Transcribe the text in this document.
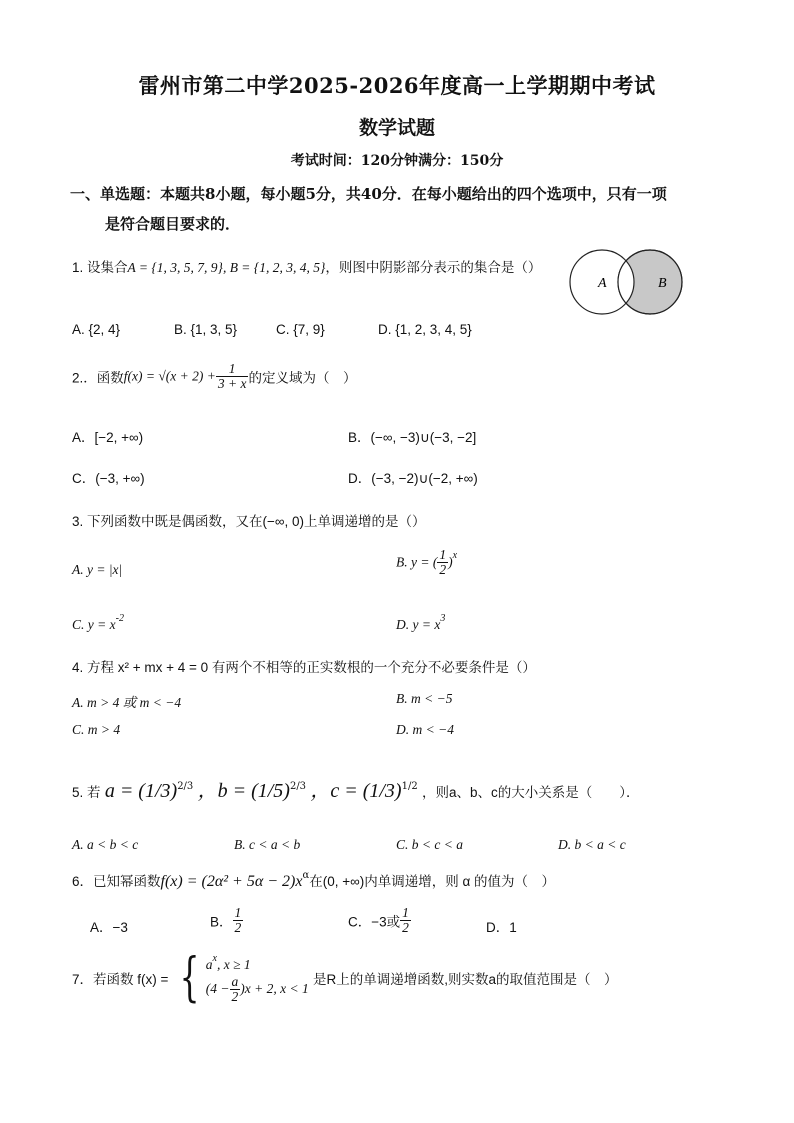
雷州市第二中学2025-2026年度高一上学期期中考试
数学试题
考试时间：120分钟满分：150分
一、单选题：本题共8小题，每小题5分，共40分．在每小题给出的四个选项中，只有一项
是符合题目要求的．
1. 设集合A = {1, 3, 5, 7, 9}, B = {1, 2, 3, 4, 5}，则图中阴影部分表示的集合是（）
A	B
A. {2, 4}	B. {1, 3, 5}	C. {7, 9}	D. {1, 2, 3, 4, 5}
2.．函数$f(x) = √(x + 2) + \frac{1}{3 + x}$ 的定义域为（　）
A．[−2, +∞)	B．(−∞, −3)∪(−3, −2]
C．(−3, +∞)	D．(−3, −2)∪(−2, +∞)
3. 下列函数中既是偶函数，又在(−∞, 0)上单调递增的是（）
A. y = |x|	B. y = ( $\frac{1}{2} )^x$
C. $y = x^{-2}$	D. $y = x^3$
4. 方程 x² + mx + 4 = 0 有两个不相等的正实数根的一个充分不必要条件是（）
A. m > 4 或 m < −4	B. m < −5
C. m > 4	D. m < −4
5. 若 $a = (1/3)^{2/3}$ ，$b = (1/5)^{2/3}$ ，$c = (1/3)^{1/2}$ ，则a、b、c的大小关系是（　　）．
A. a < b < c	B. c < a < b	C. b < c < a	D. b < a < c
6．已知幂函数$f(x) = (2\alpha^2 + 5\alpha - 2)x^\alpha$在(0, +∞)内单调递增，则 α 的值为（　）
A．−3	B． $\frac{1}{2}$	C．−3或 $\frac{1}{2}$	D．1
7．若函数 f(x) = { $a^x$, x ≥ 1
$(4 - \frac{a}{2} )x + 2$, x < 1
是R上的单调递增函数,则实数a的取值范围是（　）
